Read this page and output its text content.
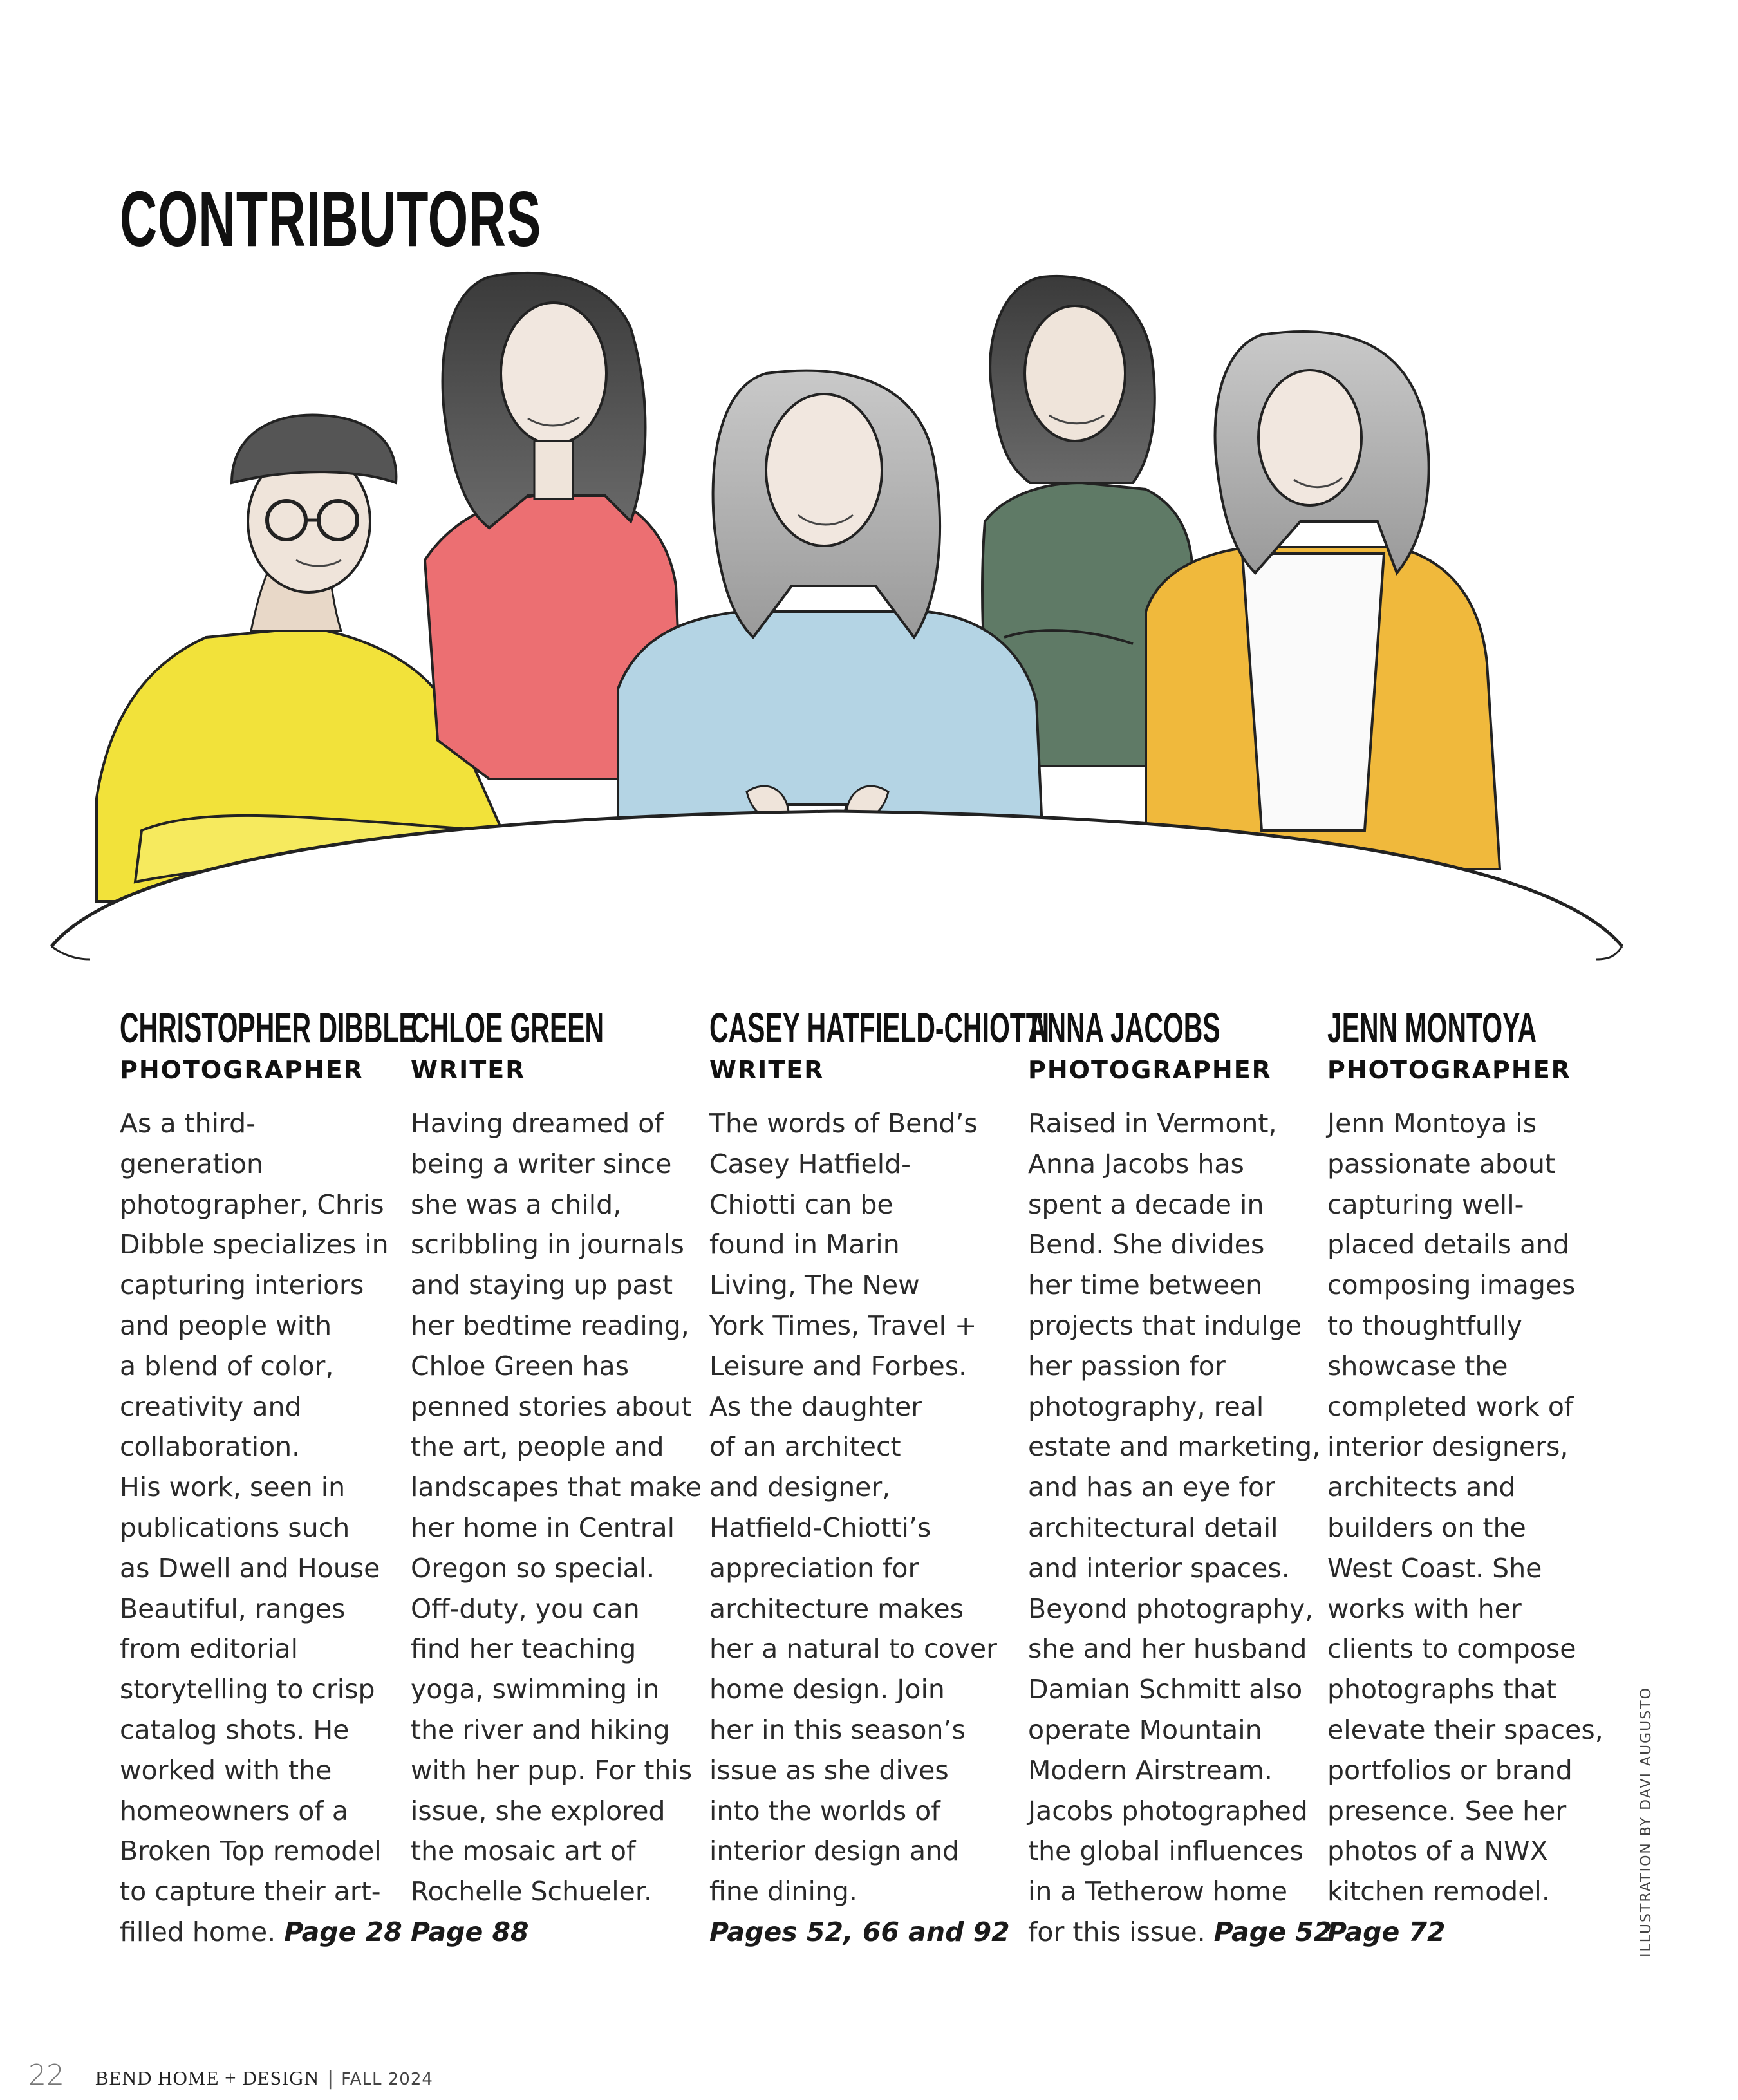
CONTRIBUTORS
CHRISTOPHER DIBBLE
PHOTOGRAPHER
As a third-
generation
photographer, Chris
Dibble specializes in
capturing interiors
and people with
a blend of color,
creativity and
collaboration.
His work, seen in
publications such
as Dwell and House
Beautiful, ranges
from editorial
storytelling to crisp
catalog shots. He
worked with the
homeowners of a
Broken Top remodel
to capture their art-
filled home. Page 28
CHLOE GREEN
WRITER
Having dreamed of
being a writer since
she was a child,
scribbling in journals
and staying up past
her bedtime reading,
Chloe Green has
penned stories about
the art, people and
landscapes that make
her home in Central
Oregon so special.
Off-duty, you can
find her teaching
yoga, swimming in
the river and hiking
with her pup. For this
issue, she explored
the mosaic art of
Rochelle Schueler.
Page 88
CASEY HATFIELD-CHIOTTI
WRITER
The words of Bend’s
Casey Hatfield-
Chiotti can be
found in Marin
Living, The New
York Times, Travel +
Leisure and Forbes.
As the daughter
of an architect
and designer,
Hatfield-Chiotti’s
appreciation for
architecture makes
her a natural to cover
home design. Join
her in this season’s
issue as she dives
into the worlds of
interior design and
fine dining. Pages 52, 66 and 92
ANNA JACOBS
PHOTOGRAPHER
Raised in Vermont,
Anna Jacobs has
spent a decade in
Bend. She divides
her time between
projects that indulge
her passion for
photography, real
estate and marketing,
and has an eye for
architectural detail
and interior spaces.
Beyond photography,
she and her husband
Damian Schmitt also
operate Mountain
Modern Airstream.
Jacobs photographed
the global influences
in a Tetherow home
for this issue. Page 52
JENN MONTOYA
PHOTOGRAPHER
Jenn Montoya is
passionate about
capturing well-
placed details and
composing images
to thoughtfully
showcase the
completed work of
interior designers,
architects and
builders on the
West Coast. She
works with her
clients to compose
photographs that
elevate their spaces,
portfolios or brand
presence. See her
photos of a NWX
kitchen remodel.
Page 72	ILLUSTRATION BY DAVI AUGUSTO
22 BEND HOME + DESIGN | FALL 2024
